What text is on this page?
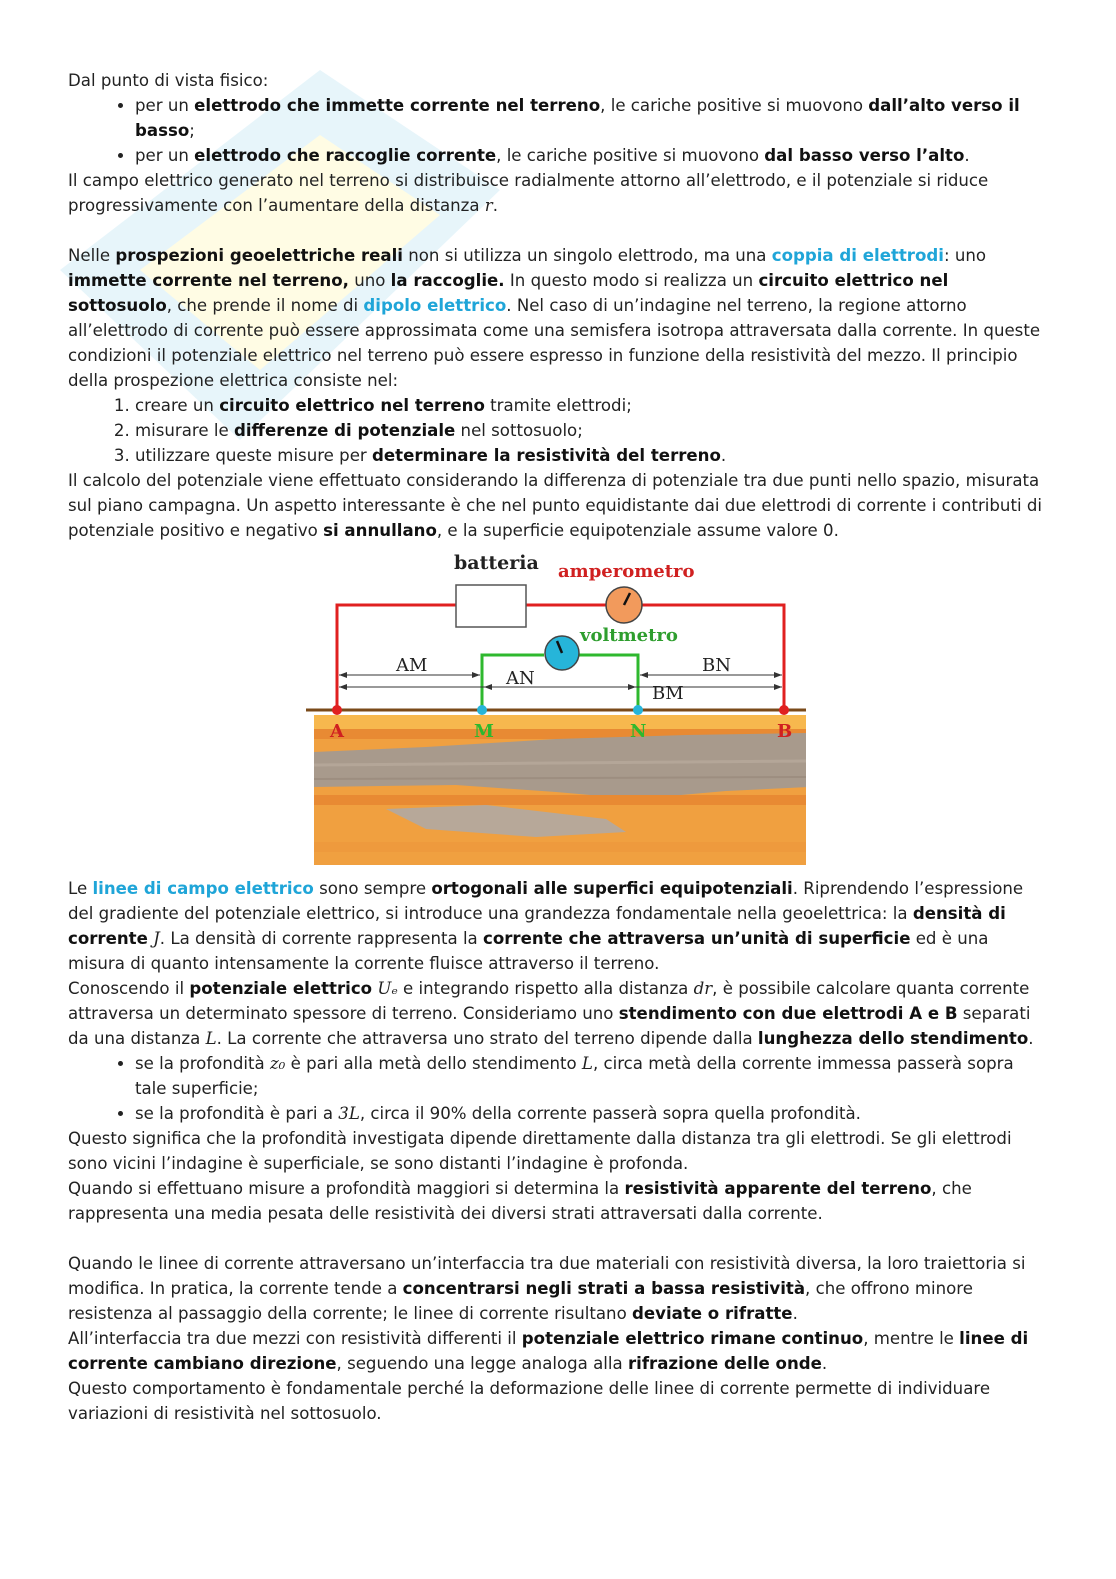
Dal punto di vista fisico:

• per un elettrodo che immette corrente nel terreno, le cariche positive si muovono dall’alto verso il basso;
• per un elettrodo che raccoglie corrente, le cariche positive si muovono dal basso verso l’alto.

Il campo elettrico generato nel terreno si distribuisce radialmente attorno all’elettrodo, e il potenziale si riduce progressivamente con l’aumentare della distanza r.

Nelle prospezioni geoelettriche reali non si utilizza un singolo elettrodo, ma una coppia di elettrodi: uno immette corrente nel terreno, uno la raccoglie. In questo modo si realizza un circuito elettrico nel sottosuolo, che prende il nome di dipolo elettrico. Nel caso di un’indagine nel terreno, la regione attorno all’elettrodo di corrente può essere approssimata come una semisfera isotropa attraversata dalla corrente. In queste condizioni il potenziale elettrico nel terreno può essere espresso in funzione della resistività del mezzo. Il principio della prospezione elettrica consiste nel:

1. creare un circuito elettrico nel terreno tramite elettrodi;
2. misurare le differenze di potenziale nel sottosuolo;
3. utilizzare queste misure per determinare la resistività del terreno.

Il calcolo del potenziale viene effettuato considerando la differenza di potenziale tra due punti nello spazio, misurata sul piano campagna. Un aspetto interessante è che nel punto equidistante dai due elettrodi di corrente i contributi di potenziale positivo e negativo si annullano, e la superficie equipotenziale assume valore 0.

batteria amperometro
voltmetro
AM
AN
BM
BN
A	M	N	B

Le linee di campo elettrico sono sempre ortogonali alle superfici equipotenziali. Riprendendo l’espressione del gradiente del potenziale elettrico, si introduce una grandezza fondamentale nella geoelettrica: la densità di corrente J. La densità di corrente rappresenta la corrente che attraversa un’unità di superficie ed è una misura di quanto intensamente la corrente fluisce attraverso il terreno.

Conoscendo il potenziale elettrico Uₑ e integrando rispetto alla distanza dr, è possibile calcolare quanta corrente attraversa un determinato spessore di terreno. Consideriamo uno stendimento con due elettrodi A e B separati da una distanza L. La corrente che attraversa uno strato del terreno dipende dalla lunghezza dello stendimento.

• se la profondità z₀ è pari alla metà dello stendimento L, circa metà della corrente immessa passerà sopra tale superficie;
• se la profondità è pari a 3L, circa il 90% della corrente passerà sopra quella profondità.

Questo significa che la profondità investigata dipende direttamente dalla distanza tra gli elettrodi. Se gli elettrodi sono vicini l’indagine è superficiale, se sono distanti l’indagine è profonda.

Quando si effettuano misure a profondità maggiori si determina la resistività apparente del terreno, che rappresenta una media pesata delle resistività dei diversi strati attraversati dalla corrente.

Quando le linee di corrente attraversano un’interfaccia tra due materiali con resistività diversa, la loro traiettoria si modifica. In pratica, la corrente tende a concentrarsi negli strati a bassa resistività, che offrono minore resistenza al passaggio della corrente; le linee di corrente risultano deviate o rifratte.

All’interfaccia tra due mezzi con resistività differenti il potenziale elettrico rimane continuo, mentre le linee di corrente cambiano direzione, seguendo una legge analoga alla rifrazione delle onde.

Questo comportamento è fondamentale perché la deformazione delle linee di corrente permette di individuare variazioni di resistività nel sottosuolo.
